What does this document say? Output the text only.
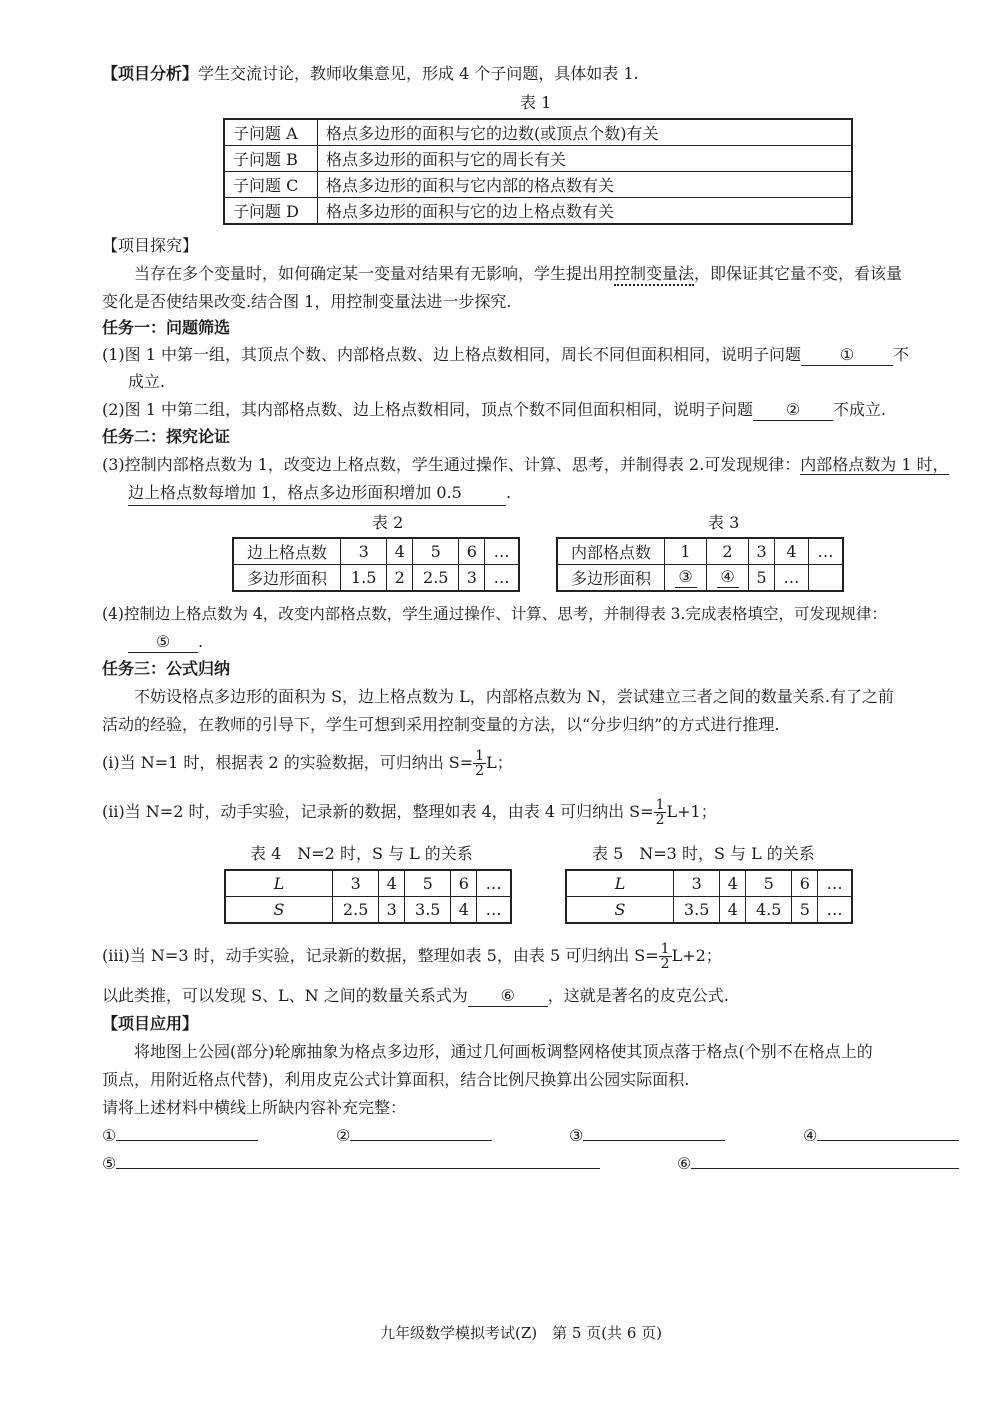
【项目分析】学生交流讨论，教师收集意见，形成 4 个子问题，具体如表 1.
表 1
子问题 A	格点多边形的面积与它的边数(或顶点个数)有关
子问题 B	格点多边形的面积与它的周长有关
子问题 C	格点多边形的面积与它内部的格点数有关
子问题 D	格点多边形的面积与它的边上格点数有关
【项目探究】
当存在多个变量时，如何确定某一变量对结果有无影响，学生提出用控制变量法，即保证其它量不变，看该量
变化是否使结果改变.结合图 1，用控制变量法进一步探究.
任务一：问题筛选
(1)图 1 中第一组，其顶点个数、内部格点数、边上格点数相同，周长不同但面积相同，说明子问题 ① 不
成立.
(2)图 1 中第二组，其内部格点数、边上格点数相同，顶点个数不同但面积相同，说明子问题 ② 不成立.
任务二：探究论证
(3)控制内部格点数为 1，改变边上格点数，学生通过操作、计算、思考，并制得表 2.可发现规律：内部格点数为 1 时，
边上格点数每增加 1，格点多边形面积增加 0.5	.
表 2
边上格点数	3	4	5	6	…
多边形面积	1.5	2	2.5	3	…
表 3
内部格点数	1	2	3	4	…
多边形面积	③	④	5	…
(4)控制边上格点数为 4，改变内部格点数，学生通过操作、计算、思考，并制得表 3.完成表格填空，可发现规律：
⑤ .
任务三：公式归纳
不妨设格点多边形的面积为 S，边上格点数为 L，内部格点数为 N，尝试建立三者之间的数量关系.有了之前
活动的经验，在教师的引导下，学生可想到采用控制变量的方法，以“分步归纳”的方式进行推理.
(i)当 N=1 时，根据表 2 的实验数据，可归纳出 $S= \frac{1}{2}$ L；
(ii)当 N=2 时，动手实验，记录新的数据，整理如表 4，由表 4 可归纳出 $S= \frac{1}{2} L+1$；
表 4　N=2 时，S 与 L 的关系
L	3	4	5	6	…
S	2.5	3	3.5	4	…
表 5　N=3 时，S 与 L 的关系
L	3	4	5	6	…
S	3.5	4	4.5	5	…
(iii)当 N=3 时，动手实验，记录新的数据，整理如表 5，由表 5 可归纳出 $S= \frac{1}{2} L+2$；
以此类推，可以发现 S、L、N 之间的数量关系式为 ⑥ ，这就是著名的皮克公式.
【项目应用】
将地图上公园(部分)轮廓抽象为格点多边形，通过几何画板调整网格使其顶点落于格点(个别不在格点上的
顶点，用附近格点代替)，利用皮克公式计算面积，结合比例尺换算出公园实际面积.
请将上述材料中横线上所缺内容补充完整：
①	②	③	④
⑤	⑥
九年级数学模拟考试(Z)　第 5 页(共 6 页)
